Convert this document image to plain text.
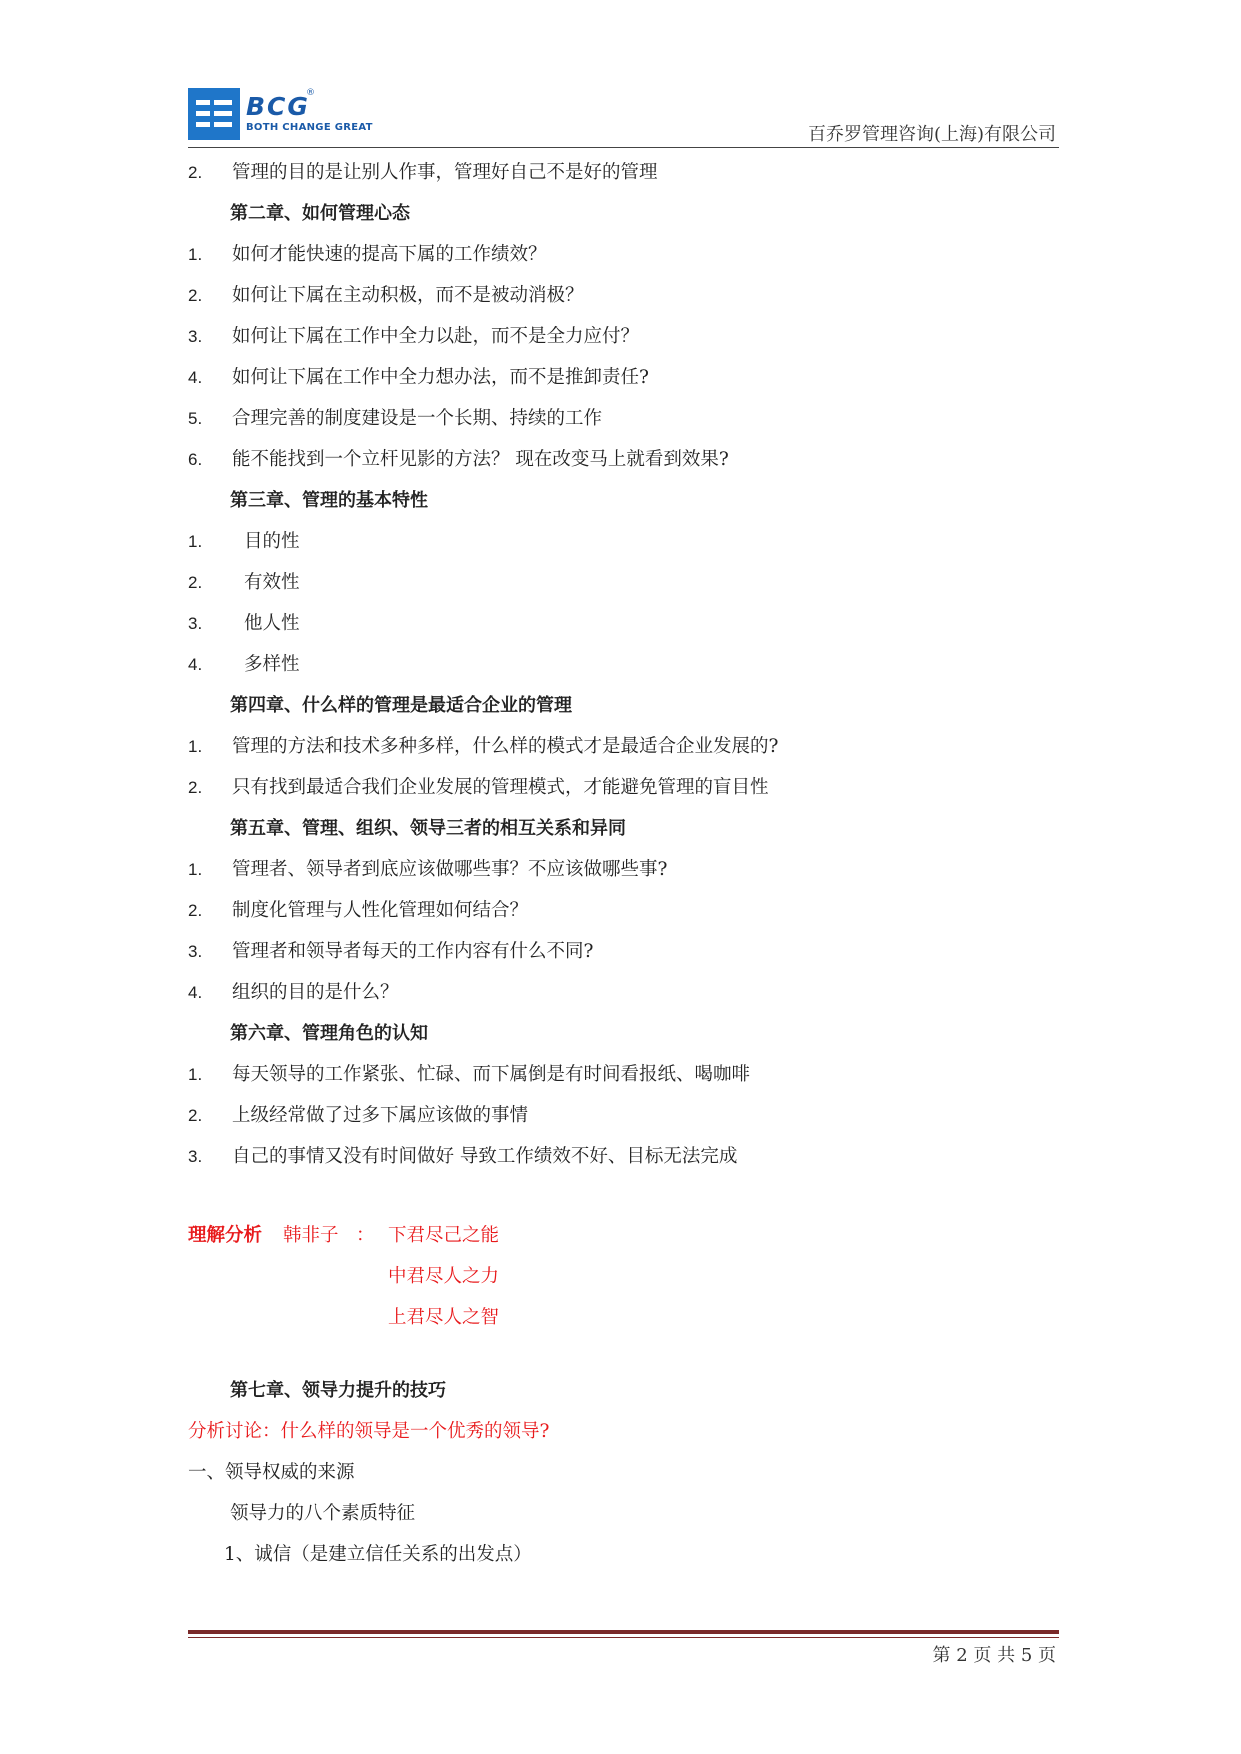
BCG
®
BOTH CHANGE GREAT	百乔罗管理咨询(上海)有限公司
2. 管理的目的是让别人作事，管理好自己不是好的管理
第二章、如何管理心态
1. 如何才能快速的提高下属的工作绩效？
2. 如何让下属在主动积极，而不是被动消极？
3. 如何让下属在工作中全力以赴，而不是全力应付？
4. 如何让下属在工作中全力想办法，而不是推卸责任?
5. 合理完善的制度建设是一个长期、持续的工作
6. 能不能找到一个立杆见影的方法？ 现在改变马上就看到效果?
第三章、管理的基本特性
1. 目的性
2. 有效性
3. 他人性
4. 多样性
第四章、什么样的管理是最适合企业的管理
1. 管理的方法和技术多种多样，什么样的模式才是最适合企业发展的?
2. 只有找到最适合我们企业发展的管理模式，才能避免管理的盲目性
第五章、管理、组织、领导三者的相互关系和异同
1. 管理者、领导者到底应该做哪些事？不应该做哪些事?
2. 制度化管理与人性化管理如何结合？
3. 管理者和领导者每天的工作内容有什么不同?
4. 组织的目的是什么？
第六章、管理角色的认知
1. 每天领导的工作紧张、忙碌、而下属倒是有时间看报纸、喝咖啡
2. 上级经常做了过多下属应该做的事情
3. 自己的事情又没有时间做好 导致工作绩效不好、目标无法完成
理解分析 韩非子 ： 下君尽己之能
中君尽人之力
上君尽人之智
第七章、领导力提升的技巧
分析讨论：什么样的领导是一个优秀的领导?
一、领导权威的来源
领导力的八个素质特征
1、诚信（是建立信任关系的出发点）
第 2 页 共 5 页
